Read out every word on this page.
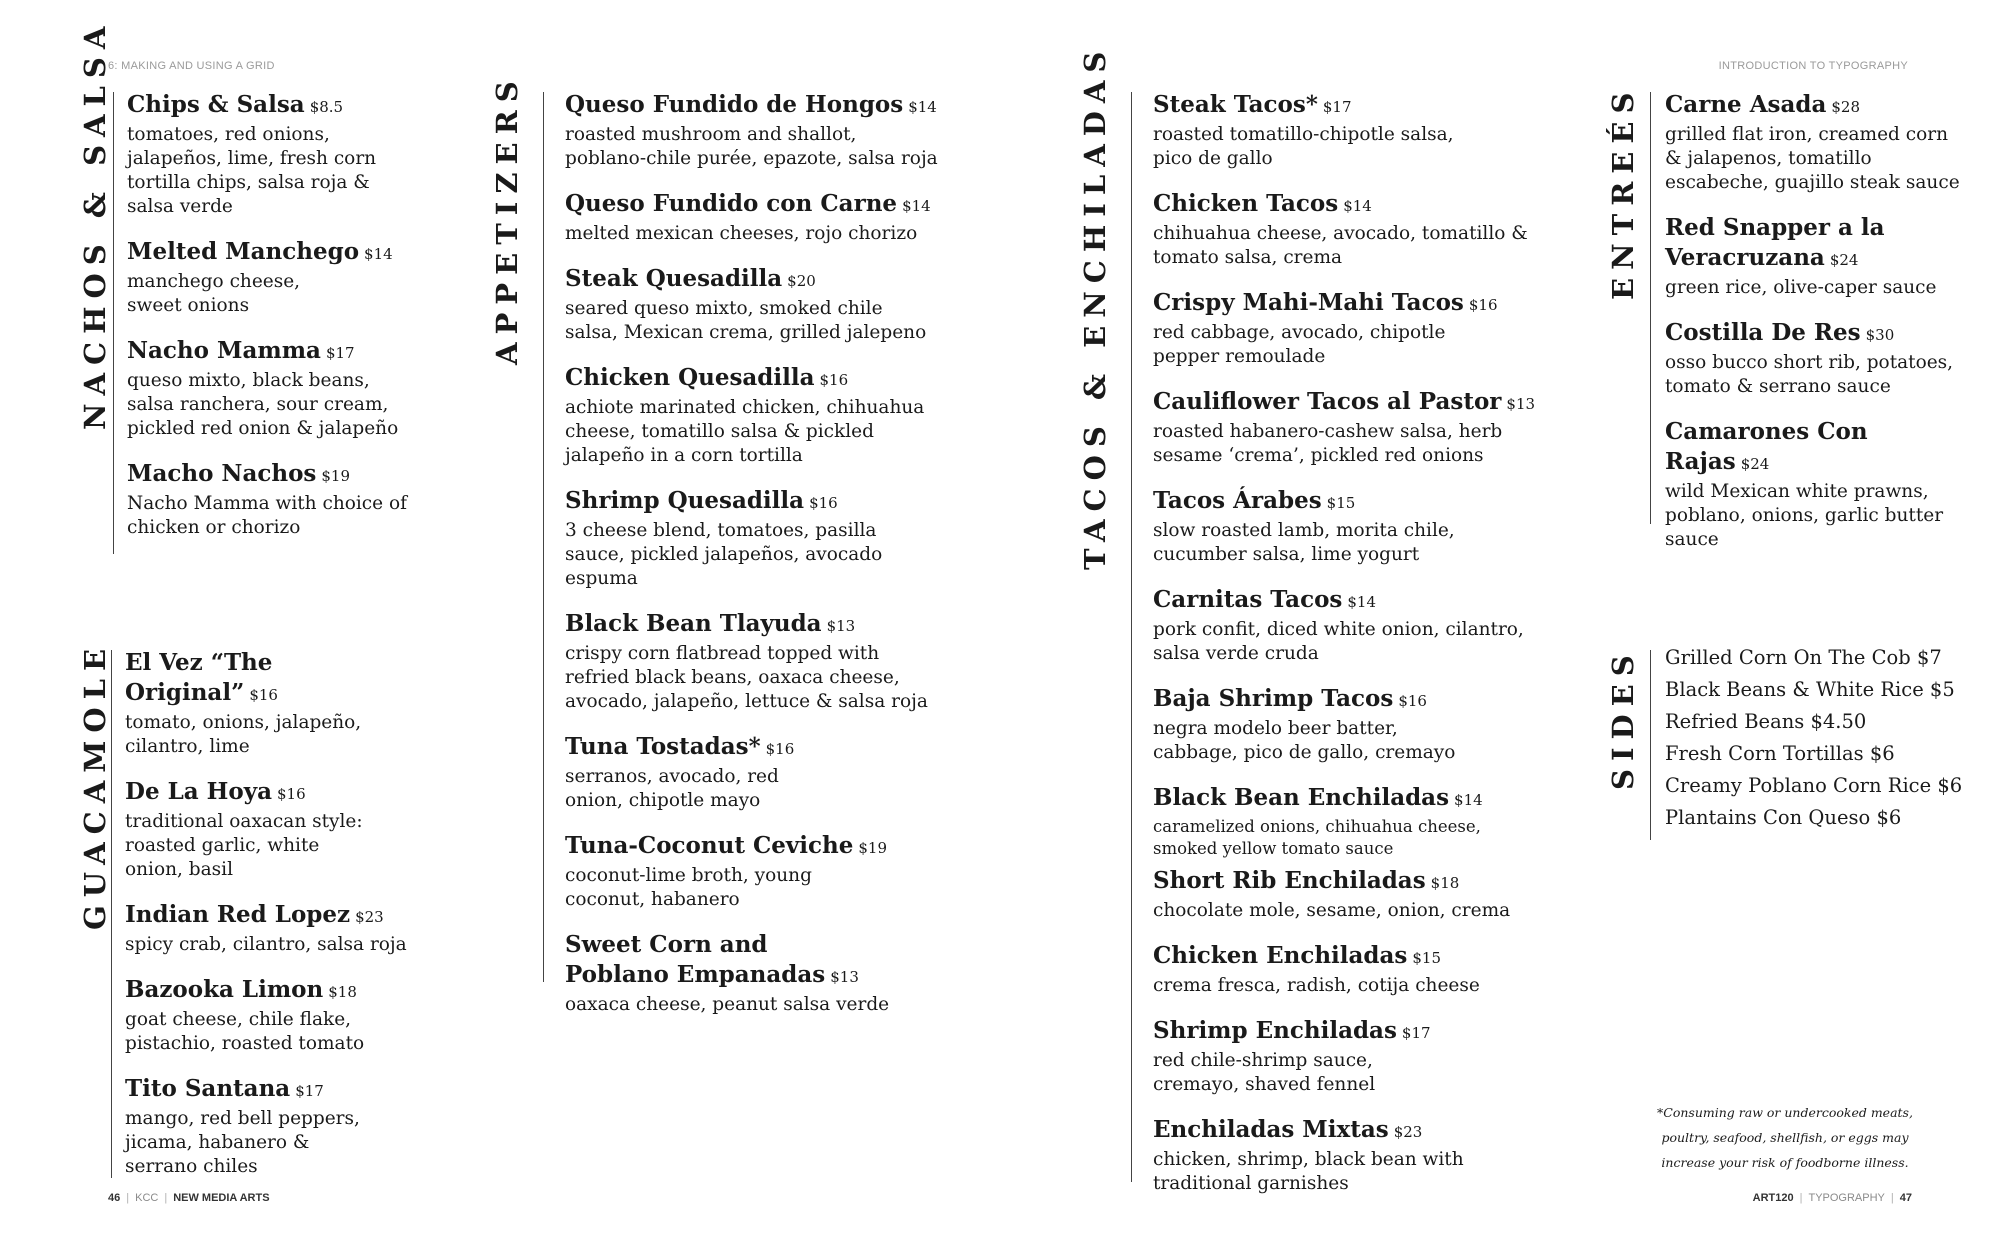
6: MAKING AND USING A GRID	INTRODUCTION TO TYPOGRAPHY
NACHOS & SALSA Chips & Salsa $8.5
tomatoes, red onions, jalapeños, lime, fresh corn tortilla chips, salsa roja & salsa verde
Melted Manchego $14
manchego cheese, sweet onions
Nacho Mamma $17
queso mixto, black beans, salsa ranchera, sour cream, pickled red onion & jalapeño
Macho Nachos $19
Nacho Mamma with choice of chicken or chorizo
GUACAMOLE El Vez “The Original” $16
tomato, onions, jalapeño, cilantro, lime
De La Hoya $16
traditional oaxacan style: roasted garlic, white onion, basil
Indian Red Lopez $23
spicy crab, cilantro, salsa roja
Bazooka Limon $18
goat cheese, chile flake, pistachio, roasted tomato
Tito Santana $17
mango, red bell peppers, jicama, habanero & serrano chiles
APPETIZERS Queso Fundido de Hongos $14
roasted mushroom and shallot, poblano-chile purée, epazote, salsa roja
Queso Fundido con Carne $14
melted mexican cheeses, rojo chorizo
Steak Quesadilla $20
seared queso mixto, smoked chile salsa, Mexican crema, grilled jalepeno
Chicken Quesadilla $16
achiote marinated chicken, chihuahua cheese, tomatillo salsa & pickled jalapeño in a corn tortilla
Shrimp Quesadilla $16
3 cheese blend, tomatoes, pasilla sauce, pickled jalapeños, avocado espuma
Black Bean Tlayuda $13
crispy corn flatbread topped with refried black beans, oaxaca cheese, avocado, jalapeño, lettuce & salsa roja
Tuna Tostadas* $16
serranos, avocado, red onion, chipotle mayo
Tuna-Coconut Ceviche $19
coconut-lime broth, young coconut, habanero
Sweet Corn and Poblano Empanadas $13
oaxaca cheese, peanut salsa verde
TACOS & ENCHILADAS Steak Tacos* $17
roasted tomatillo-chipotle salsa, pico de gallo
Chicken Tacos $14
chihuahua cheese, avocado, tomatillo & tomato salsa, crema
Crispy Mahi-Mahi Tacos $16
red cabbage, avocado, chipotle pepper remoulade
Cauliflower Tacos al Pastor $13
roasted habanero-cashew salsa, herb sesame ‘crema’, pickled red onions
Tacos Árabes $15
slow roasted lamb, morita chile, cucumber salsa, lime yogurt
Carnitas Tacos $14
pork confit, diced white onion, cilantro, salsa verde cruda
Baja Shrimp Tacos $16
negra modelo beer batter, cabbage, pico de gallo, cremayo
Black Bean Enchiladas $14
caramelized onions, chihuahua cheese, smoked yellow tomato sauce
Short Rib Enchiladas $18
chocolate mole, sesame, onion, crema
Chicken Enchiladas $15
crema fresca, radish, cotija cheese
Shrimp Enchiladas $17
red chile-shrimp sauce, cremayo, shaved fennel
Enchiladas Mixtas $23
chicken, shrimp, black bean with traditional garnishes
ENTREÉS Carne Asada $28
grilled flat iron, creamed corn & jalapenos, tomatillo escabeche, guajillo steak sauce
Red Snapper a la Veracruzana $24
green rice, olive-caper sauce
Costilla De Res $30
osso bucco short rib, potatoes, tomato & serrano sauce
Camarones Con Rajas $24
wild Mexican white prawns, poblano, onions, garlic butter sauce
SIDES Grilled Corn On The Cob $7
Black Beans & White Rice $5
Refried Beans $4.50
Fresh Corn Tortillas $6
Creamy Poblano Corn Rice $6
Plantains Con Queso $6
*Consuming raw or undercooked meats, poultry, seafood, shellfish, or eggs may increase your risk of foodborne illness.
46 | KCC | NEW MEDIA ARTS	ART120 | TYPOGRAPHY | 47
